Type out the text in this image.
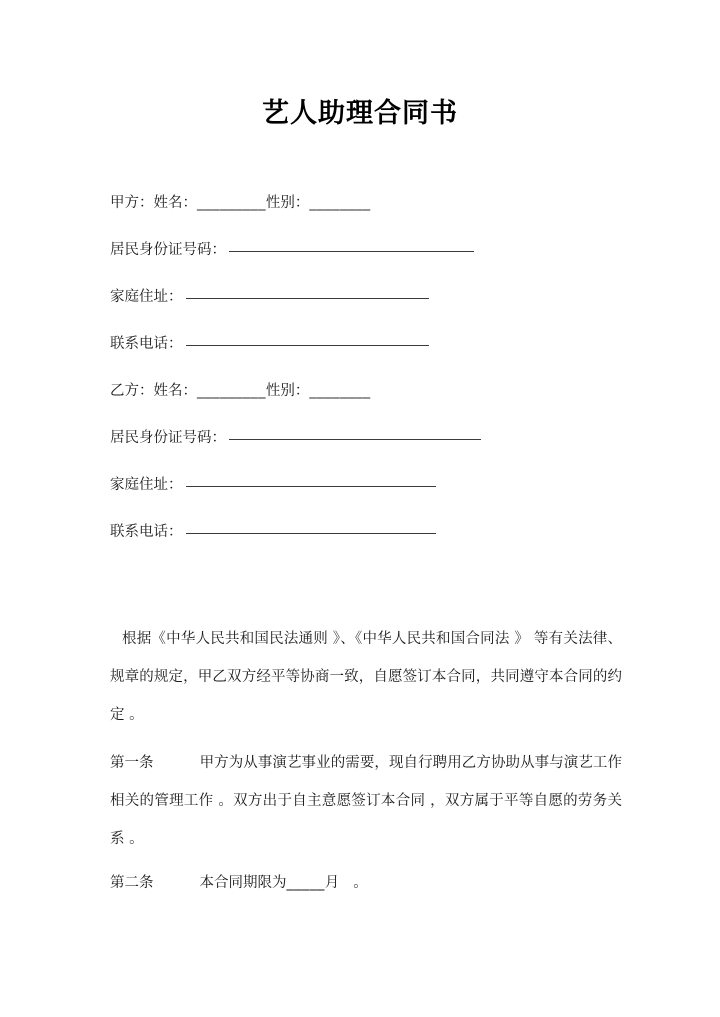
艺人助理合同书
甲方：姓名： _________ 性别： ________
居民身份证号码：
家庭住址：
联系电话：
乙方：姓名： _________ 性别： ________
居民身份证号码：
家庭住址：
联系电话：

根据《中华人民共和国民法通则 》、《中华人民共和国合同法 》 等有关法律、规章的规定，甲乙双方经平等协商一致，自愿签订本合同，共同遵守本合同的约定 。

第一条	甲方为从事演艺事业的需要，现自行聘用乙方协助从事与演艺工作相关的管理工作 。双方出于自主意愿签订本合同 ，双方属于平等自愿的劳务关系 。

第二条	本合同期限为_____月 。
